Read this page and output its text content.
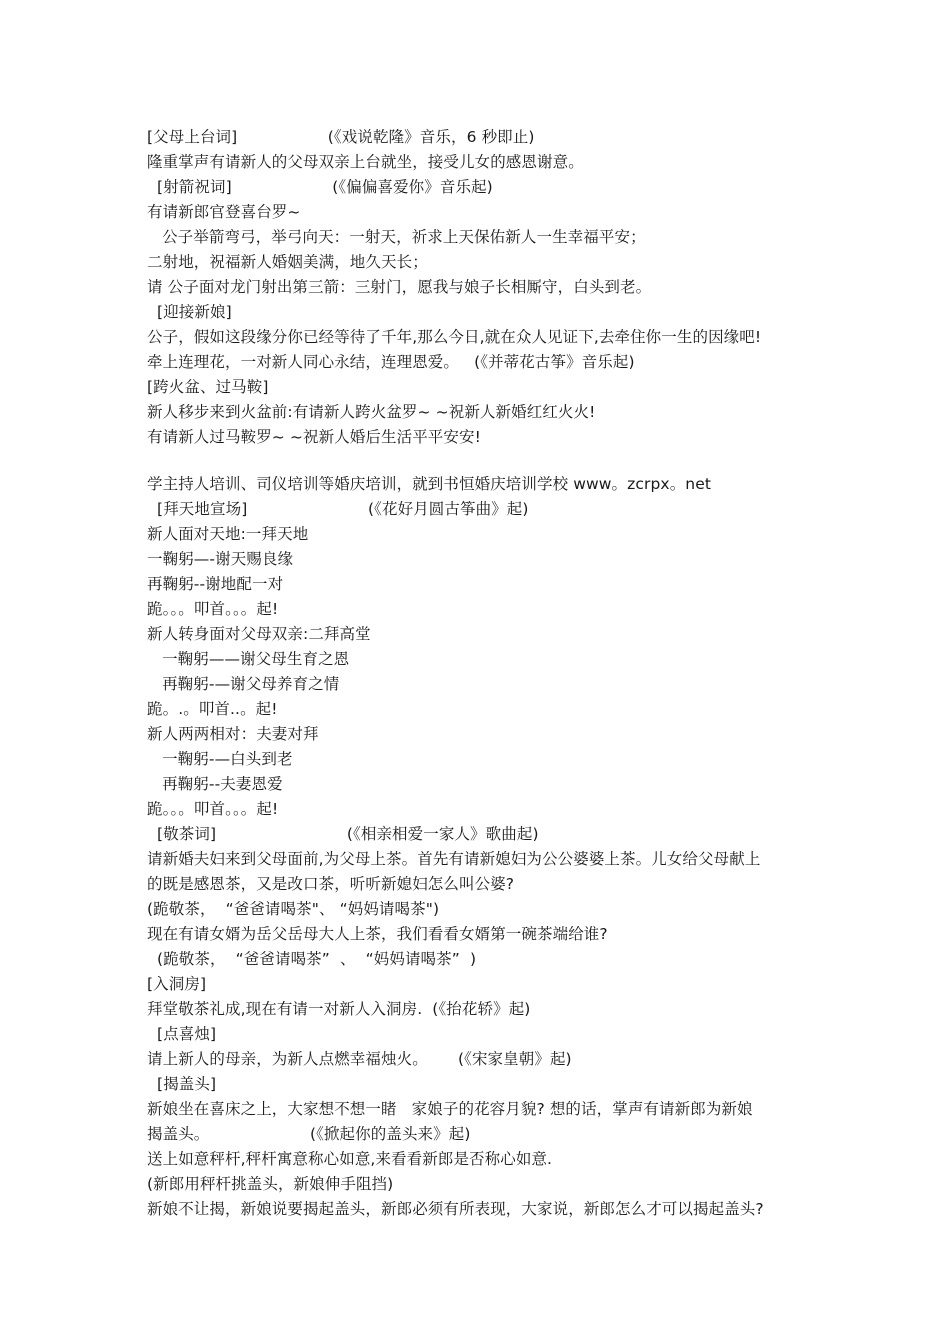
[父母上台词]                  (《戏说乾隆》音乐，6 秒即止)
隆重掌声有请新人的父母双亲上台就坐，接受儿女的感恩谢意。
[射箭祝词]                    (《偏偏喜爱你》音乐起)
有请新郎官登喜台罗~
公子举箭弯弓，举弓向天：一射天，祈求上天保佑新人一生幸福平安；
二射地，祝福新人婚姻美满，地久天长；
请 公子面对龙门射出第三箭：三射门，愿我与娘子长相厮守，白头到老。
[迎接新娘]
公子，假如这段缘分你已经等待了千年,那么今日,就在众人见证下,去牵住你一生的因缘吧!
牵上连理花，一对新人同心永结，连理恩爱。   (《并蒂花古筝》音乐起)
[跨火盆、过马鞍]
新人移步来到火盆前:有请新人跨火盆罗~ ~祝新人新婚红红火火!
有请新人过马鞍罗~ ~祝新人婚后生活平平安安!
学主持人培训、司仪培训等婚庆培训，就到书恒婚庆培训学校 www。zcrpx。net
[拜天地宣场]                        (《花好月圆古筝曲》起)
新人面对天地:一拜天地
一鞠躬—-谢天赐良缘
再鞠躬--谢地配一对
跪。。。叩首。。。起!
新人转身面对父母双亲:二拜高堂
一鞠躬——谢父母生育之恩
再鞠躬-—谢父母养育之情
跪。.。叩首..。起!
新人两两相对：夫妻对拜
一鞠躬-—白头到老
再鞠躬--夫妻恩爱
跪。。。叩首。。。起!
[敬茶词]                          (《相亲相爱一家人》歌曲起)
请新婚夫妇来到父母面前,为父母上茶。首先有请新媳妇为公公婆婆上茶。儿女给父母献上
的既是感恩茶，又是改口茶，听听新媳妇怎么叫公婆?
(跪敬茶，  “爸爸请喝茶"、 “妈妈请喝茶")
现在有请女婿为岳父岳母大人上茶，我们看看女婿第一碗茶端给谁?
(跪敬茶，  “爸爸请喝茶”  、  “妈妈请喝茶”  )
[入洞房]
拜堂敬茶礼成,现在有请一对新人入洞房.  (《抬花轿》起)
[点喜烛]
请上新人的母亲，为新人点燃幸福烛火。      (《宋家皇朝》起)
[揭盖头]
新娘坐在喜床之上，大家想不想一睹   家娘子的花容月貌? 想的话，掌声有请新郎为新娘
揭盖头。                    (《掀起你的盖头来》起)
送上如意秤杆,秤杆寓意称心如意,来看看新郎是否称心如意.
(新郎用秤杆挑盖头，新娘伸手阻挡)
新娘不让揭，新娘说要揭起盖头，新郎必须有所表现，大家说，新郎怎么才可以揭起盖头?
